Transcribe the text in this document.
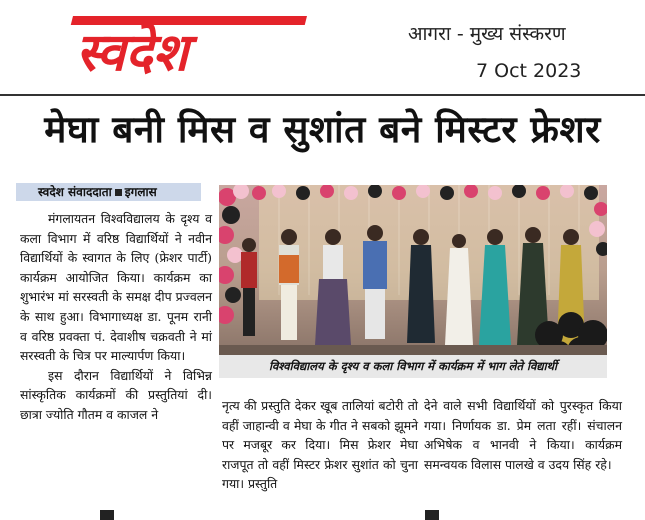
स्वदेश	आगरा - मुख्य संस्करण
7 Oct 2023
मेघा बनी मिस व सुशांत बने मिस्टर फ्रेशर
स्वदेश संवाददाता इगलास

मंगलायतन विश्वविद्यालय के दृश्य व कला विभाग में वरिष्ठ विद्यार्थियों ने नवीन विद्यार्थियों के स्वागत के लिए (फ्रेशर पार्टी) कार्यक्रम आयोजित किया। कार्यक्रम का शुभारंभ मां सरस्वती के समक्ष दीप प्रज्वलन के साथ हुआ। विभागाध्यक्ष डा. पूनम रानी व वरिष्ठ प्रवक्ता पं. देवाशीष चक्रवती ने मां सरस्वती के चित्र पर माल्यार्पण किया।

इस दौरान विद्यार्थियों ने विभिन्न सांस्कृतिक कार्यक्रमों की प्रस्तुतियां दी। छात्रा ज्योति गौतम व काजल ने

विश्वविद्यालय के दृश्य व कला विभाग में कार्यक्रम में भाग लेते विद्यार्थी

नृत्य की प्रस्तुति देकर खूब तालियां बटोरी तो वहीं जाहान्वी व मेघा के गीत ने सबको झूमने पर मजबूर कर दिया। मिस फ्रेशर मेघा राजपूत तो वहीं मिस्टर फ्रेशर सुशांत को चुना गया। प्रस्तुति

देने वाले सभी विद्यार्थियों को पुरस्कृत किया गया। निर्णायक डा. प्रेम लता रहीं। संचालन अभिषेक व भानवी ने किया। कार्यक्रम समन्वयक विलास पालखे व उदय सिंह रहे।
